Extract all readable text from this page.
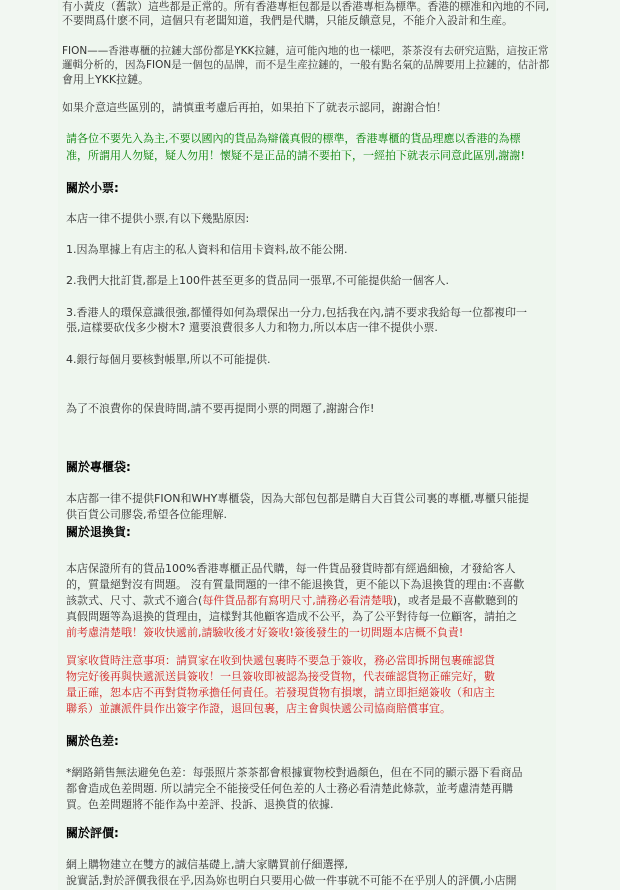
有小黃皮（舊款）這些都是正常的。所有香港專柜包都是以香港專柜為標準。香港的標准和內地的不同,

不要問爲什麽不同，這個只有老闆知道，我們是代購，只能反饋意見，不能介入設計和生産。

FION——香港專櫃的拉鏈大部份都是YKK拉鏈，這可能內地的也一樣吧，茶茶沒有去研究這點，這按正常

邏輯分析的，因為FION是一個包的品牌，而不是生産拉鏈的，一般有點名氣的品牌要用上拉鏈的，估計都

會用上YKK拉鏈。

如果介意這些區別的，請慎重考慮后再拍，如果拍下了就表示認同，謝謝合怕！

請各位不要先入為主,不要以國內的貨品為辯儀真假的標準，香港專櫃的貨品理應以香港的為標

准，所謂用人勿疑，疑人勿用！懷疑不是正品的請不要拍下，一經拍下就表示同意此區別,謝謝!

關於小票:

本店一律不提供小票,有以下幾點原因:

1.因為單據上有店主的私人資料和信用卡資料,故不能公開.

2.我們大批訂貨,都是上100件甚至更多的貨品同一張單,不可能提供給一個客人.

3.香港人的環保意識很強,都懂得如何為環保出一分力,包括我在內,請不要求我給每一位都複印一

張,這樣要砍伐多少樹木? 還要浪費很多人力和物力,所以本店一律不提供小票.

4.銀行每個月要核對帳單,所以不可能提供.

為了不浪費你的保貴時間,請不要再提問小票的問題了,謝謝合作!

關於專櫃袋:

本店都一律不提供FION和WHY專櫃袋，因為大部包包都是購自大百貨公司裏的專櫃,專櫃只能提

供百貨公司膠袋,希望各位能理解.

關於退換貨:

本店保證所有的貨品100%香港專櫃正品代購，每一件貨品發貨時都有經過細檢，才發給客人

的，質量絕對沒有問題。 沒有質量問題的一律不能退換貨，更不能以下為退換貨的理由:不喜歡

該款式、尺寸、款式不適合(每件貨品都有寫明尺寸,請務必看清楚哦)，或者是最不喜歡聽到的

真假問題等為退換的貨理由，這樣對其他顧客造成不公平，為了公平對待每一位顧客，請拍之

前考慮清楚哦！簽收快遞前,請驗收後才好簽收!簽後發生的一切問題本店概不負責!

買家收貨時注意事項：請買家在收到快遞包裹時不要急于簽收，務必當即拆開包裹確認貨

物完好後再與快遞派送員簽收！一旦簽收即被認為接受貨物，代表確認貨物正確完好，數

量正確，恕本店不再對貨物承擔任何責任。若發現貨物有損壞，請立即拒絕簽收（和店主

聯系）並讓派件員作出簽字作證，退回包裹，店主會與快遞公司協商賠償事宜。

關於色差:

*網路銷售無法避免色差：每張照片茶茶都會根據實物校對過顏色，但在不同的顯示器下看商品

都會造成色差問題. 所以請完全不能接受任何色差的人士務必看清楚此條款，並考慮清楚再購

買。色差問題將不能作為中差評、投訴、退換貨的依據.

關於評價:

網上購物建立在雙方的誠信基礎上,請大家購買前仔細選擇,

說實話,對於評價我很在乎,因為妳也明白只要用心做一件事就不可能不在乎別人的評價,小店開
